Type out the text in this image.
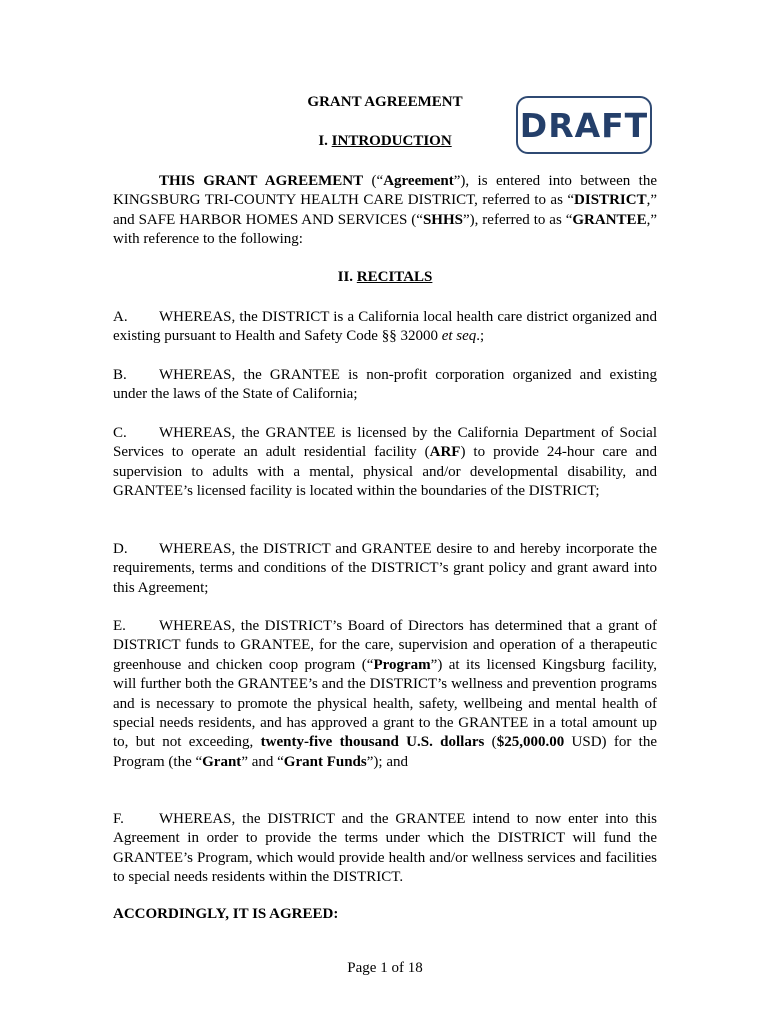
DRAFT
GRANT AGREEMENT
I. INTRODUCTION

THIS GRANT AGREEMENT (“Agreement”), is entered into between the KINGSBURG TRI-COUNTY HEALTH CARE DISTRICT, referred to as “DISTRICT,” and SAFE HARBOR HOMES AND SERVICES (“SHHS”), referred to as “GRANTEE,” with reference to the following:

II. RECITALS

A. WHEREAS, the DISTRICT is a California local health care district organized and existing pursuant to Health and Safety Code §§ 32000 et seq.;

B. WHEREAS, the GRANTEE is non-profit corporation organized and existing under the laws of the State of California;

C. WHEREAS, the GRANTEE is licensed by the California Department of Social Services to operate an adult residential facility (ARF) to provide 24-hour care and supervision to adults with a mental, physical and/or developmental disability, and GRANTEE’s licensed facility is located within the boundaries of the DISTRICT;

D. WHEREAS, the DISTRICT and GRANTEE desire to and hereby incorporate the requirements, terms and conditions of the DISTRICT’s grant policy and grant award into this Agreement;

E. WHEREAS, the DISTRICT’s Board of Directors has determined that a grant of DISTRICT funds to GRANTEE, for the care, supervision and operation of a therapeutic greenhouse and chicken coop program (“Program”) at its licensed Kingsburg facility, will further both the GRANTEE’s and the DISTRICT’s wellness and prevention programs and is necessary to promote the physical health, safety, wellbeing and mental health of special needs residents, and has approved a grant to the GRANTEE in a total amount up to, but not exceeding, twenty-five thousand U.S. dollars ($25,000.00 USD) for the Program (the “Grant” and “Grant Funds”); and

F. WHEREAS, the DISTRICT and the GRANTEE intend to now enter into this Agreement in order to provide the terms under which the DISTRICT will fund the GRANTEE’s Program, which would provide health and/or wellness services and facilities to special needs residents within the DISTRICT.

ACCORDINGLY, IT IS AGREED:
Page 1 of 18
